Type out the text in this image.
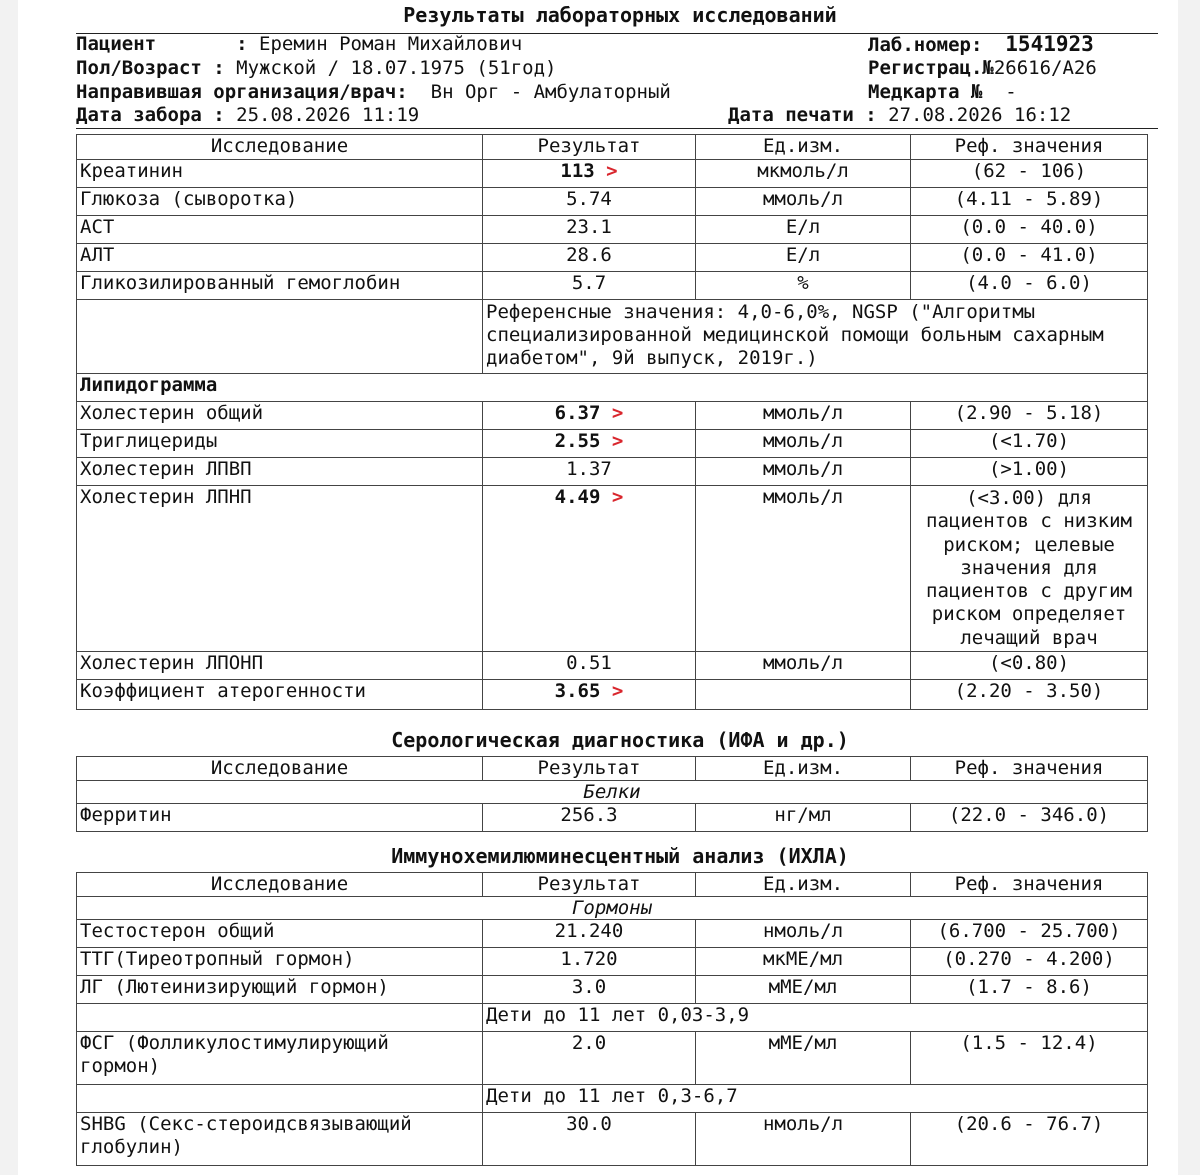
Результаты лабораторных исследований
Пациент       : Еремин Роман Михайлович
Пол/Возраст : Мужской / 18.07.1975 (51год)
Направившая организация/врач: Вн Орг - Амбулаторный
Дата забора : 25.08.2026 11:19
Лаб.номер: 1541923
Регистрац.№26616/A26
Медкарта № -
Дата печати : 27.08.2026 16:12
Исследование	Результат	Ед.изм.	Реф. значения
Креатинин	113 >	мкмоль/л	(62 - 106)
Глюкоза (сыворотка)	5.74	ммоль/л	(4.11 - 5.89)
АСТ	23.1	Е/л	(0.0 - 40.0)
АЛТ	28.6	Е/л	(0.0 - 41.0)
Гликозилированный гемоглобин	5.7	%	(4.0 - 6.0)
	Референсные значения: 4,0-6,0%, NGSP ("Алгоритмы специализированной медицинской помощи больным сахарным диабетом", 9й выпуск, 2019г.)		
Липидограмма			
Холестерин общий	6.37 >	ммоль/л	(2.90 - 5.18)
Триглицериды	2.55 >	ммоль/л	(<1.70)
Холестерин ЛПВП	1.37	ммоль/л	(>1.00)
Холестерин ЛПНП	4.49 >	ммоль/л	(<3.00) для пациентов с низким риском; целевые значения для пациентов с другим риском определяет лечащий врач
Холестерин ЛПОНП	0.51	ммоль/л	(<0.80)
Коэффициент атерогенности	3.65 >		(2.20 - 3.50)
Серологическая диагностика (ИФА и др.)
Исследование	Результат	Ед.изм.	Реф. значения
Белки			
Ферритин	256.3	нг/мл	(22.0 - 346.0)
Иммунохемилюминесцентный анализ (ИХЛА)
Исследование	Результат	Ед.изм.	Реф. значения
Гормоны			
Тестостерон общий	21.240	нмоль/л	(6.700 - 25.700)
ТТГ(Тиреотропный гормон)	1.720	мкМЕ/мл	(0.270 - 4.200)
ЛГ (Лютеинизирующий гормон)	3.0	мМЕ/мл	(1.7 - 8.6)
	Дети до 11 лет 0,03-3,9		
ФСГ (Фолликулостимулирующий гормон)	2.0	мМЕ/мл	(1.5 - 12.4)
	Дети до 11 лет 0,3-6,7		
SHBG (Секс-стероидсвязывающий глобулин)	30.0	нмоль/л	(20.6 - 76.7)
